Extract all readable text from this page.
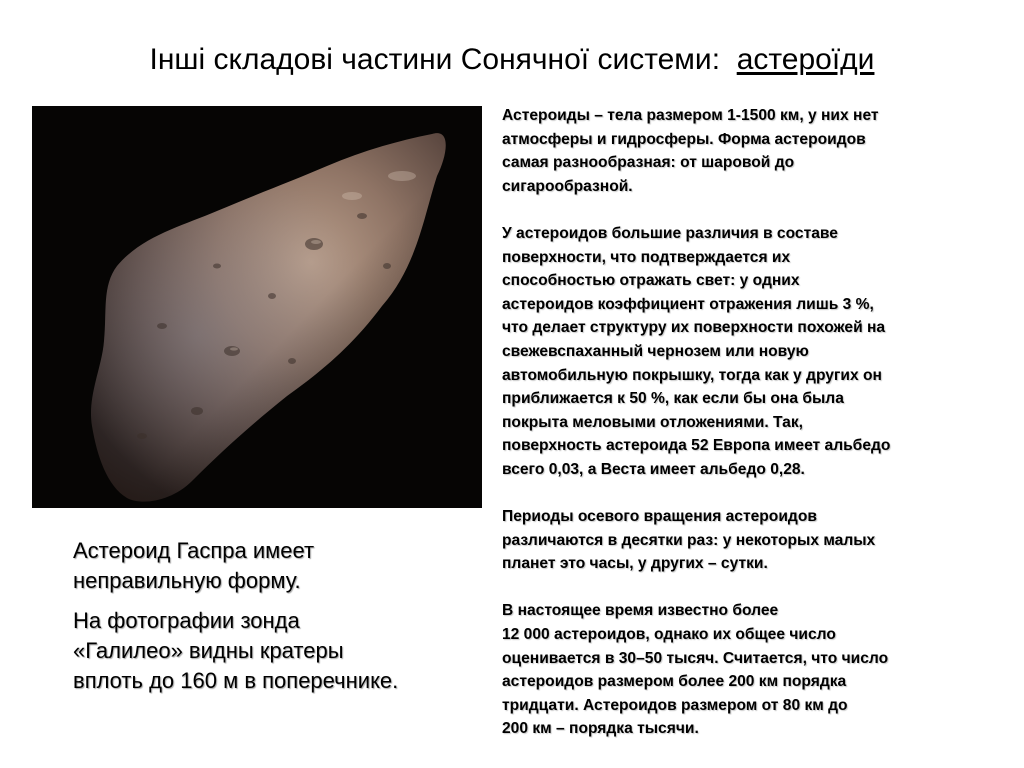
Інші складові частини Сонячної системи: астероїди

Астероид Гаспра имеет неправильную форму.

На фотографии зонда «Галилео» видны кратеры вплоть до 160 м в поперечнике.

Астероиды – тела размером 1-1500 км, у них нет
атмосферы и гидросферы. Форма астероидов
самая разнообразная: от шаровой до
сигарообразной.

У астероидов большие различия в составе
поверхности, что подтверждается их
способностью отражать свет: у одних
астероидов коэффициент отражения лишь 3 %,
что делает структуру их поверхности похожей на
свежевспаханный чернозем или новую
автомобильную покрышку, тогда как у других он
приближается к 50 %, как если бы она была
покрыта меловыми отложениями. Так,
поверхность астероида 52 Европа имеет альбедо
всего 0,03, а Веста имеет альбедо 0,28.

Периоды осевого вращения астероидов
различаются в десятки раз: у некоторых малых
планет это часы, у других – сутки.

В настоящее время известно более
12 000 астероидов, однако их общее число
оценивается в 30–50 тысяч. Считается, что число
астероидов размером более 200 км порядка
тридцати. Астероидов размером от 80 км до
200 км – порядка тысячи.
